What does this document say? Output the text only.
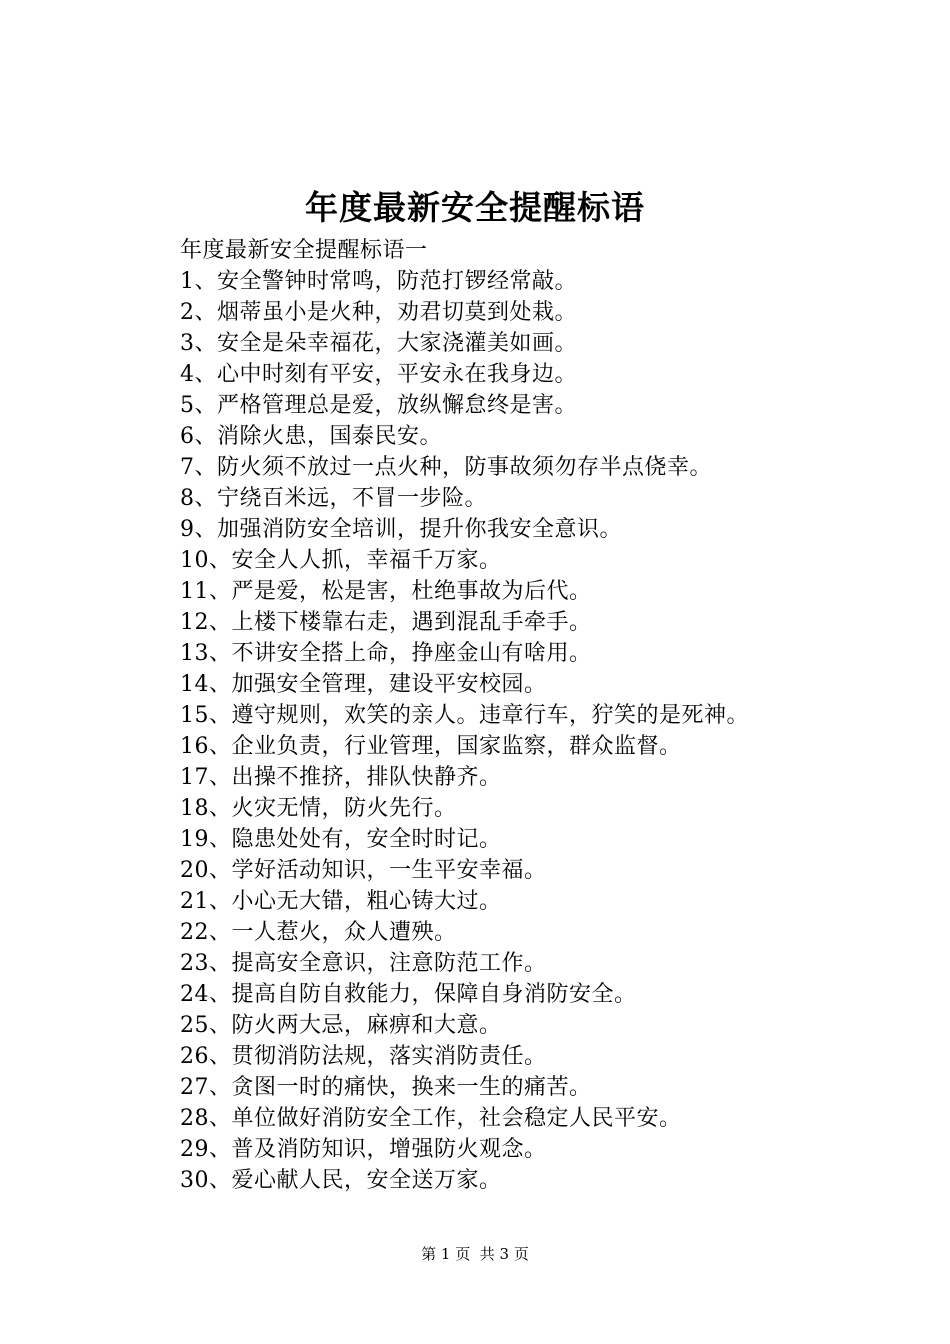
年度最新安全提醒标语
年度最新安全提醒标语一
1、安全警钟时常鸣，防范打锣经常敲。
2、烟蒂虽小是火种，劝君切莫到处栽。
3、安全是朵幸福花，大家浇灌美如画。
4、心中时刻有平安，平安永在我身边。
5、严格管理总是爱，放纵懈怠终是害。
6、消除火患，国泰民安。
7、防火须不放过一点火种，防事故须勿存半点侥幸。
8、宁绕百米远，不冒一步险。
9、加强消防安全培训，提升你我安全意识。
10、安全人人抓，幸福千万家。
11、严是爱，松是害，杜绝事故为后代。
12、上楼下楼靠右走，遇到混乱手牵手。
13、不讲安全搭上命，挣座金山有啥用。
14、加强安全管理，建设平安校园。
15、遵守规则，欢笑的亲人。违章行车，狞笑的是死神。
16、企业负责，行业管理，国家监察，群众监督。
17、出操不推挤，排队快静齐。
18、火灾无情，防火先行。
19、隐患处处有，安全时时记。
20、学好活动知识，一生平安幸福。
21、小心无大错，粗心铸大过。
22、一人惹火，众人遭殃。
23、提高安全意识，注意防范工作。
24、提高自防自救能力，保障自身消防安全。
25、防火两大忌，麻痹和大意。
26、贯彻消防法规，落实消防责任。
27、贪图一时的痛快，换来一生的痛苦。
28、单位做好消防安全工作，社会稳定人民平安。
29、普及消防知识，增强防火观念。
30、爱心献人民，安全送万家。
第 1 页  共 3 页
